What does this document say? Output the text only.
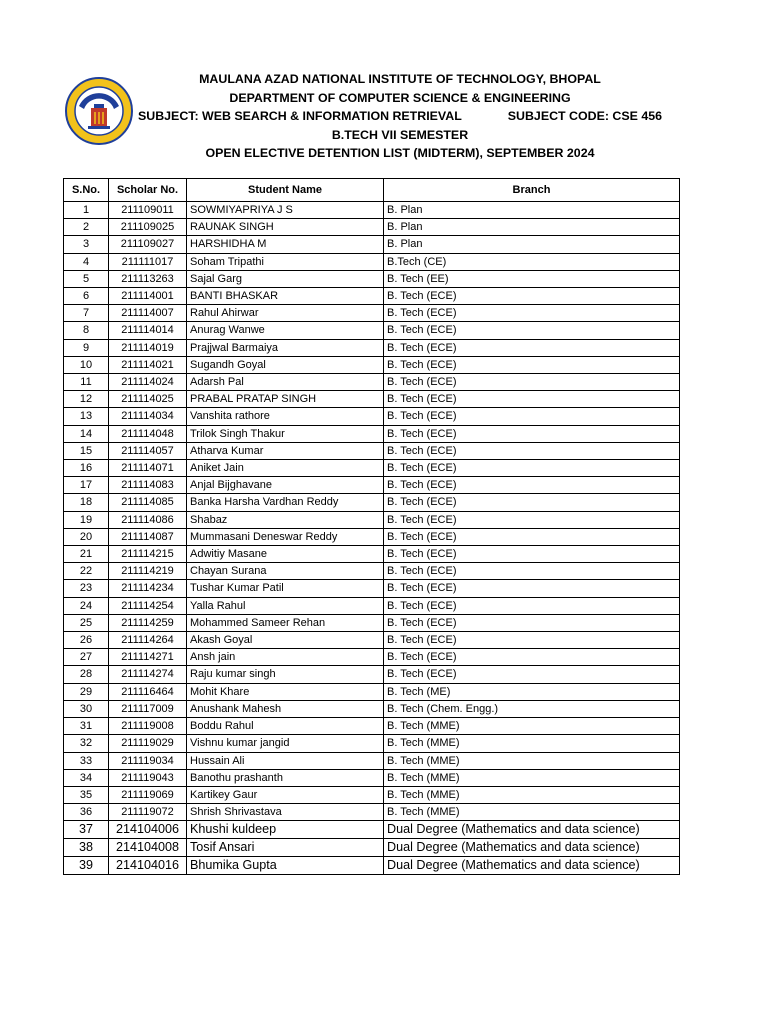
MAULANA AZAD NATIONAL INSTITUTE OF TECHNOLOGY, BHOPAL
DEPARTMENT OF COMPUTER SCIENCE & ENGINEERING
SUBJECT: WEB SEARCH & INFORMATION RETRIEVAL	SUBJECT CODE: CSE 456
B.TECH VII SEMESTER
OPEN ELECTIVE DETENTION LIST (MIDTERM), SEPTEMBER 2024
S.No.	Scholar No.	Student Name	Branch
1	211109011	SOWMIYAPRIYA J S	B. Plan
2	211109025	RAUNAK SINGH	B. Plan
3	211109027	HARSHIDHA M	B. Plan
4	211111017	Soham Tripathi	B.Tech (CE)
5	211113263	Sajal Garg	B. Tech (EE)
6	211114001	BANTI BHASKAR	B. Tech (ECE)
7	211114007	Rahul Ahirwar	B. Tech (ECE)
8	211114014	Anurag Wanwe	B. Tech (ECE)
9	211114019	Prajjwal Barmaiya	B. Tech (ECE)
10	211114021	Sugandh Goyal	B. Tech (ECE)
11	211114024	Adarsh Pal	B. Tech (ECE)
12	211114025	PRABAL PRATAP SINGH	B. Tech (ECE)
13	211114034	Vanshita rathore	B. Tech (ECE)
14	211114048	Trilok Singh Thakur	B. Tech (ECE)
15	211114057	Atharva Kumar	B. Tech (ECE)
16	211114071	Aniket Jain	B. Tech (ECE)
17	211114083	Anjal Bijghavane	B. Tech (ECE)
18	211114085	Banka Harsha Vardhan Reddy	B. Tech (ECE)
19	211114086	Shabaz	B. Tech (ECE)
20	211114087	Mummasani Deneswar Reddy	B. Tech (ECE)
21	211114215	Adwitiy Masane	B. Tech (ECE)
22	211114219	Chayan Surana	B. Tech (ECE)
23	211114234	Tushar Kumar Patil	B. Tech (ECE)
24	211114254	Yalla Rahul	B. Tech (ECE)
25	211114259	Mohammed Sameer Rehan	B. Tech (ECE)
26	211114264	Akash Goyal	B. Tech (ECE)
27	211114271	Ansh jain	B. Tech (ECE)
28	211114274	Raju kumar singh	B. Tech (ECE)
29	211116464	Mohit Khare	B. Tech (ME)
30	211117009	Anushank Mahesh	B. Tech (Chem. Engg.)
31	211119008	Boddu Rahul	B. Tech (MME)
32	211119029	Vishnu kumar jangid	B. Tech (MME)
33	211119034	Hussain Ali	B. Tech (MME)
34	211119043	Banothu prashanth	B. Tech (MME)
35	211119069	Kartikey Gaur	B. Tech (MME)
36	211119072	Shrish Shrivastava	B. Tech (MME)
37	214104006	Khushi kuldeep	Dual Degree (Mathematics and data science)
38	214104008	Tosif Ansari	Dual Degree (Mathematics and data science)
39	214104016	Bhumika Gupta	Dual Degree (Mathematics and data science)
